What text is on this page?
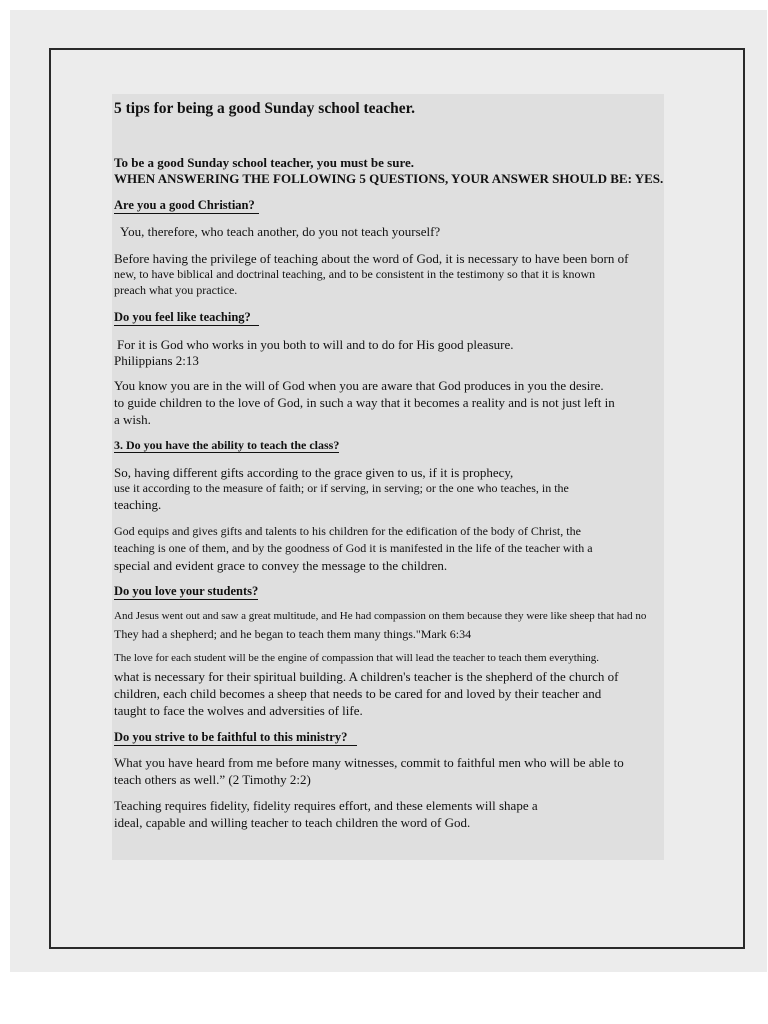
5 tips for being a good Sunday school teacher.
To be a good Sunday school teacher, you must be sure.
WHEN ANSWERING THE FOLLOWING 5 QUESTIONS, YOUR ANSWER SHOULD BE: YES.
Are you a good Christian?
You, therefore, who teach another, do you not teach yourself?
Before having the privilege of teaching about the word of God, it is necessary to have been born of
new, to have biblical and doctrinal teaching, and to be consistent in the testimony so that it is known
preach what you practice.
Do you feel like teaching?
For it is God who works in you both to will and to do for His good pleasure.
Philippians 2:13
You know you are in the will of God when you are aware that God produces in you the desire.
to guide children to the love of God, in such a way that it becomes a reality and is not just left in
a wish.
3. Do you have the ability to teach the class?
So, having different gifts according to the grace given to us, if it is prophecy,
use it according to the measure of faith; or if serving, in serving; or the one who teaches, in the
teaching.
God equips and gives gifts and talents to his children for the edification of the body of Christ, the
teaching is one of them, and by the goodness of God it is manifested in the life of the teacher with a
special and evident grace to convey the message to the children.
Do you love your students?
And Jesus went out and saw a great multitude, and He had compassion on them because they were like sheep that had no
They had a shepherd; and he began to teach them many things."Mark 6:34
The love for each student will be the engine of compassion that will lead the teacher to teach them everything.
what is necessary for their spiritual building. A children's teacher is the shepherd of the church of
children, each child becomes a sheep that needs to be cared for and loved by their teacher and
taught to face the wolves and adversities of life.
Do you strive to be faithful to this ministry?
What you have heard from me before many witnesses, commit to faithful men who will be able to
teach others as well.” (2 Timothy 2:2)
Teaching requires fidelity, fidelity requires effort, and these elements will shape a
ideal, capable and willing teacher to teach children the word of God.
